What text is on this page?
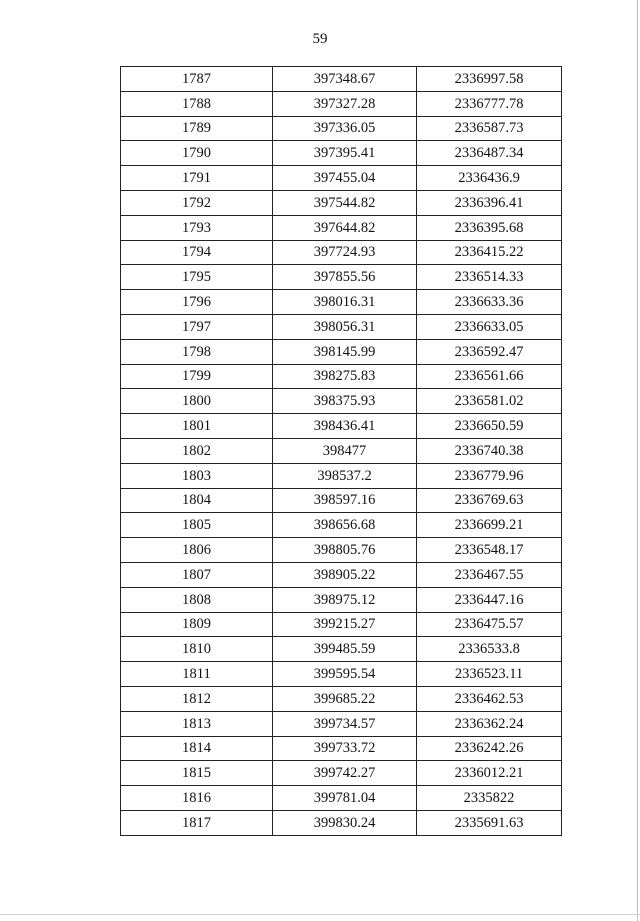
59
1787	397348.67	2336997.58
1788	397327.28	2336777.78
1789	397336.05	2336587.73
1790	397395.41	2336487.34
1791	397455.04	2336436.9
1792	397544.82	2336396.41
1793	397644.82	2336395.68
1794	397724.93	2336415.22
1795	397855.56	2336514.33
1796	398016.31	2336633.36
1797	398056.31	2336633.05
1798	398145.99	2336592.47
1799	398275.83	2336561.66
1800	398375.93	2336581.02
1801	398436.41	2336650.59
1802	398477	2336740.38
1803	398537.2	2336779.96
1804	398597.16	2336769.63
1805	398656.68	2336699.21
1806	398805.76	2336548.17
1807	398905.22	2336467.55
1808	398975.12	2336447.16
1809	399215.27	2336475.57
1810	399485.59	2336533.8
1811	399595.54	2336523.11
1812	399685.22	2336462.53
1813	399734.57	2336362.24
1814	399733.72	2336242.26
1815	399742.27	2336012.21
1816	399781.04	2335822
1817	399830.24	2335691.63
